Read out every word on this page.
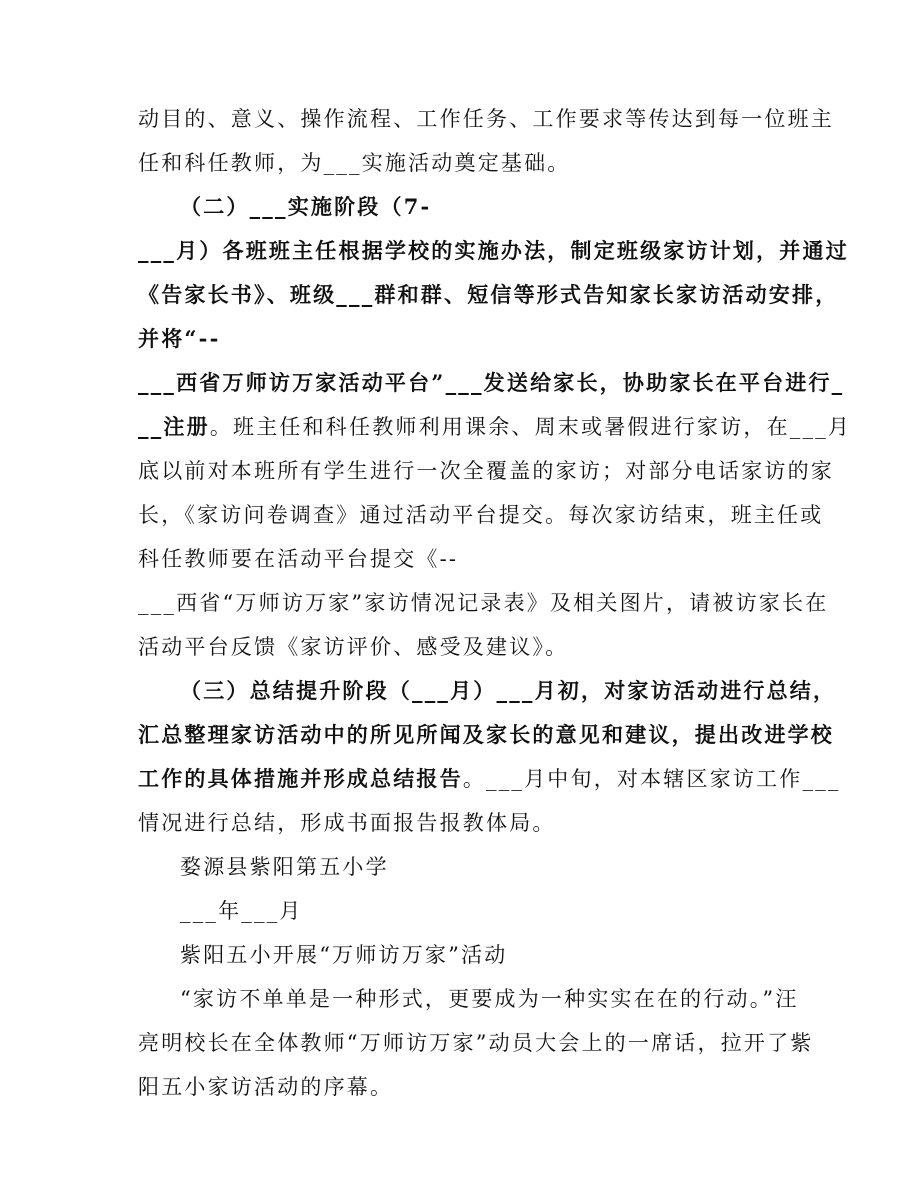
动目的、意义、操作流程、工作任务、工作要求等传达到每一位班主
任和科任教师，为___实施活动奠定基础。
（二）___实施阶段（7-
___月）各班班主任根据学校的实施办法，制定班级家访计划，并通过
《告家长书》、班级___群和群、短信等形式告知家长家访活动安排，
并将“--
___西省万师访万家活动平台”___发送给家长，协助家长在平台进行_
__注册。班主任和科任教师利用课余、周末或暑假进行家访，在___月
底以前对本班所有学生进行一次全覆盖的家访；对部分电话家访的家
长，《家访问卷调查》通过活动平台提交。每次家访结束，班主任或
科任教师要在活动平台提交《--
___西省“万师访万家”家访情况记录表》及相关图片，请被访家长在
活动平台反馈《家访评价、感受及建议》。
（三）总结提升阶段（___月）___月初，对家访活动进行总结，
汇总整理家访活动中的所见所闻及家长的意见和建议，提出改进学校
工作的具体措施并形成总结报告。___月中旬，对本辖区家访工作___
情况进行总结，形成书面报告报教体局。
婺源县紫阳第五小学
___年___月
紫阳五小开展“万师访万家”活动
“家访不单单是一种形式，更要成为一种实实在在的行动。”汪
亮明校长在全体教师“万师访万家”动员大会上的一席话，拉开了紫
阳五小家访活动的序幕。
